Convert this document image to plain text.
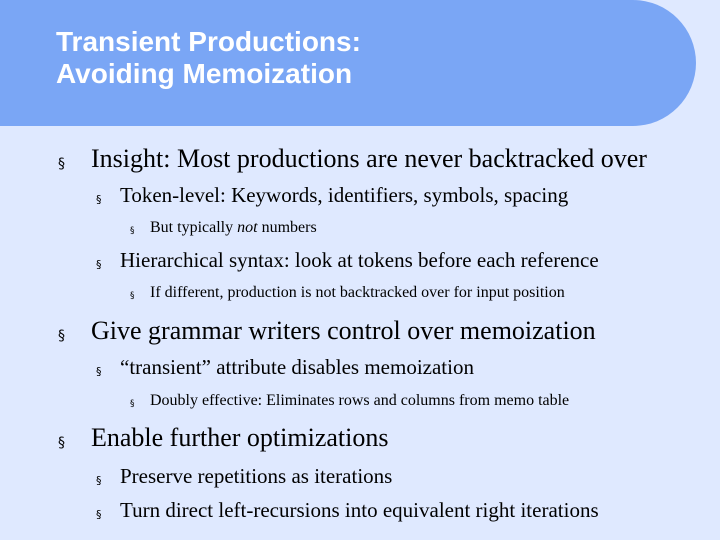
Transient Productions:
Avoiding Memoization
§ Insight: Most productions are never backtracked over
§ Token-level: Keywords, identifiers, symbols, spacing
§ But typically not numbers
§ Hierarchical syntax: look at tokens before each reference
§ If different, production is not backtracked over for input position
§ Give grammar writers control over memoization
§ “transient” attribute disables memoization
§ Doubly effective: Eliminates rows and columns from memo table
§ Enable further optimizations
§ Preserve repetitions as iterations
§ Turn direct left-recursions into equivalent right iterations
